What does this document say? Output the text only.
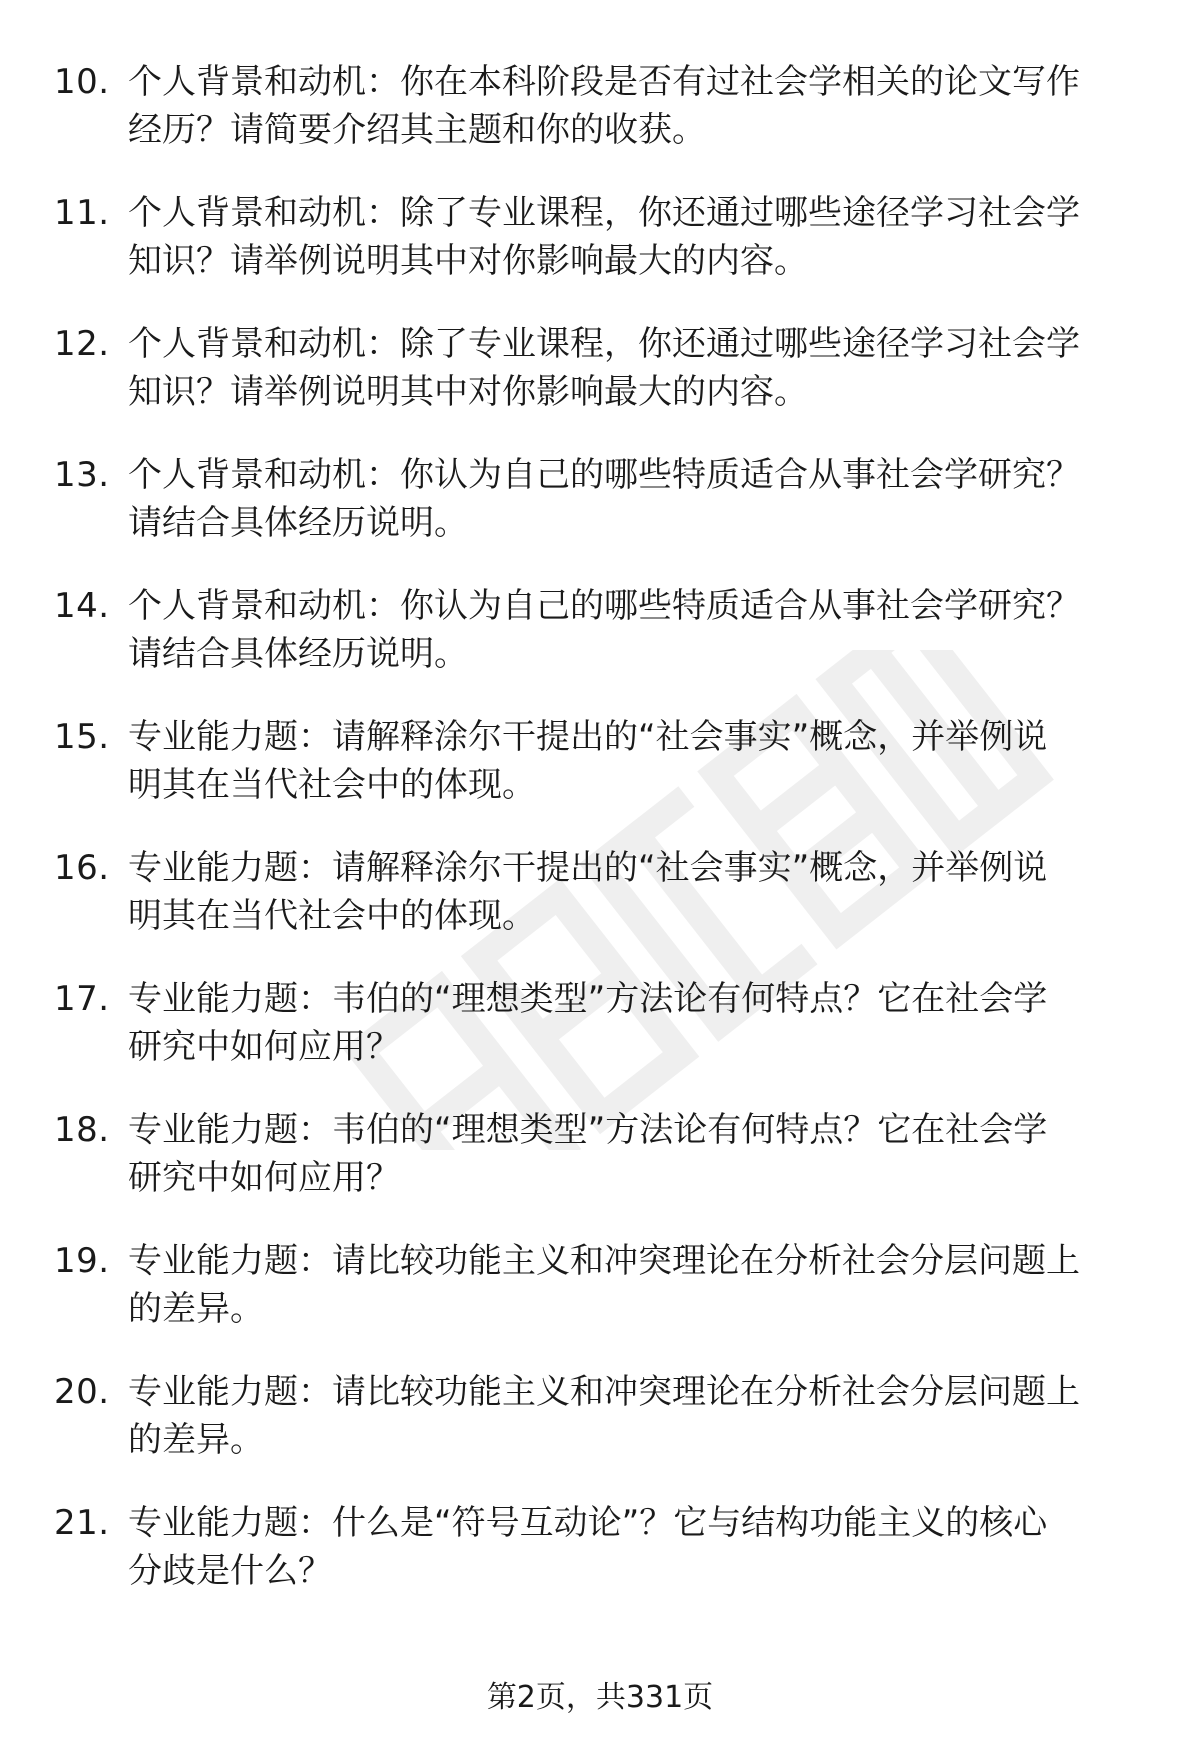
10. 个人背景和动机：你在本科阶段是否有过社会学相关的论文写作
经历？请简要介绍其主题和你的收获。
11. 个人背景和动机：除了专业课程，你还通过哪些途径学习社会学
知识？请举例说明其中对你影响最大的内容。
12. 个人背景和动机：除了专业课程，你还通过哪些途径学习社会学
知识？请举例说明其中对你影响最大的内容。
13. 个人背景和动机：你认为自己的哪些特质适合从事社会学研究？
请结合具体经历说明。
14. 个人背景和动机：你认为自己的哪些特质适合从事社会学研究？
请结合具体经历说明。
15. 专业能力题：请解释涂尔干提出的“社会事实”概念，并举例说
明其在当代社会中的体现。
16. 专业能力题：请解释涂尔干提出的“社会事实”概念，并举例说
明其在当代社会中的体现。
17. 专业能力题：韦伯的“理想类型”方法论有何特点？它在社会学
研究中如何应用？
18. 专业能力题：韦伯的“理想类型”方法论有何特点？它在社会学
研究中如何应用？
19. 专业能力题：请比较功能主义和冲突理论在分析社会分层问题上
的差异。
20. 专业能力题：请比较功能主义和冲突理论在分析社会分层问题上
的差异。
21. 专业能力题：什么是“符号互动论”？它与结构功能主义的核心
分歧是什么？
第2页，共331页
